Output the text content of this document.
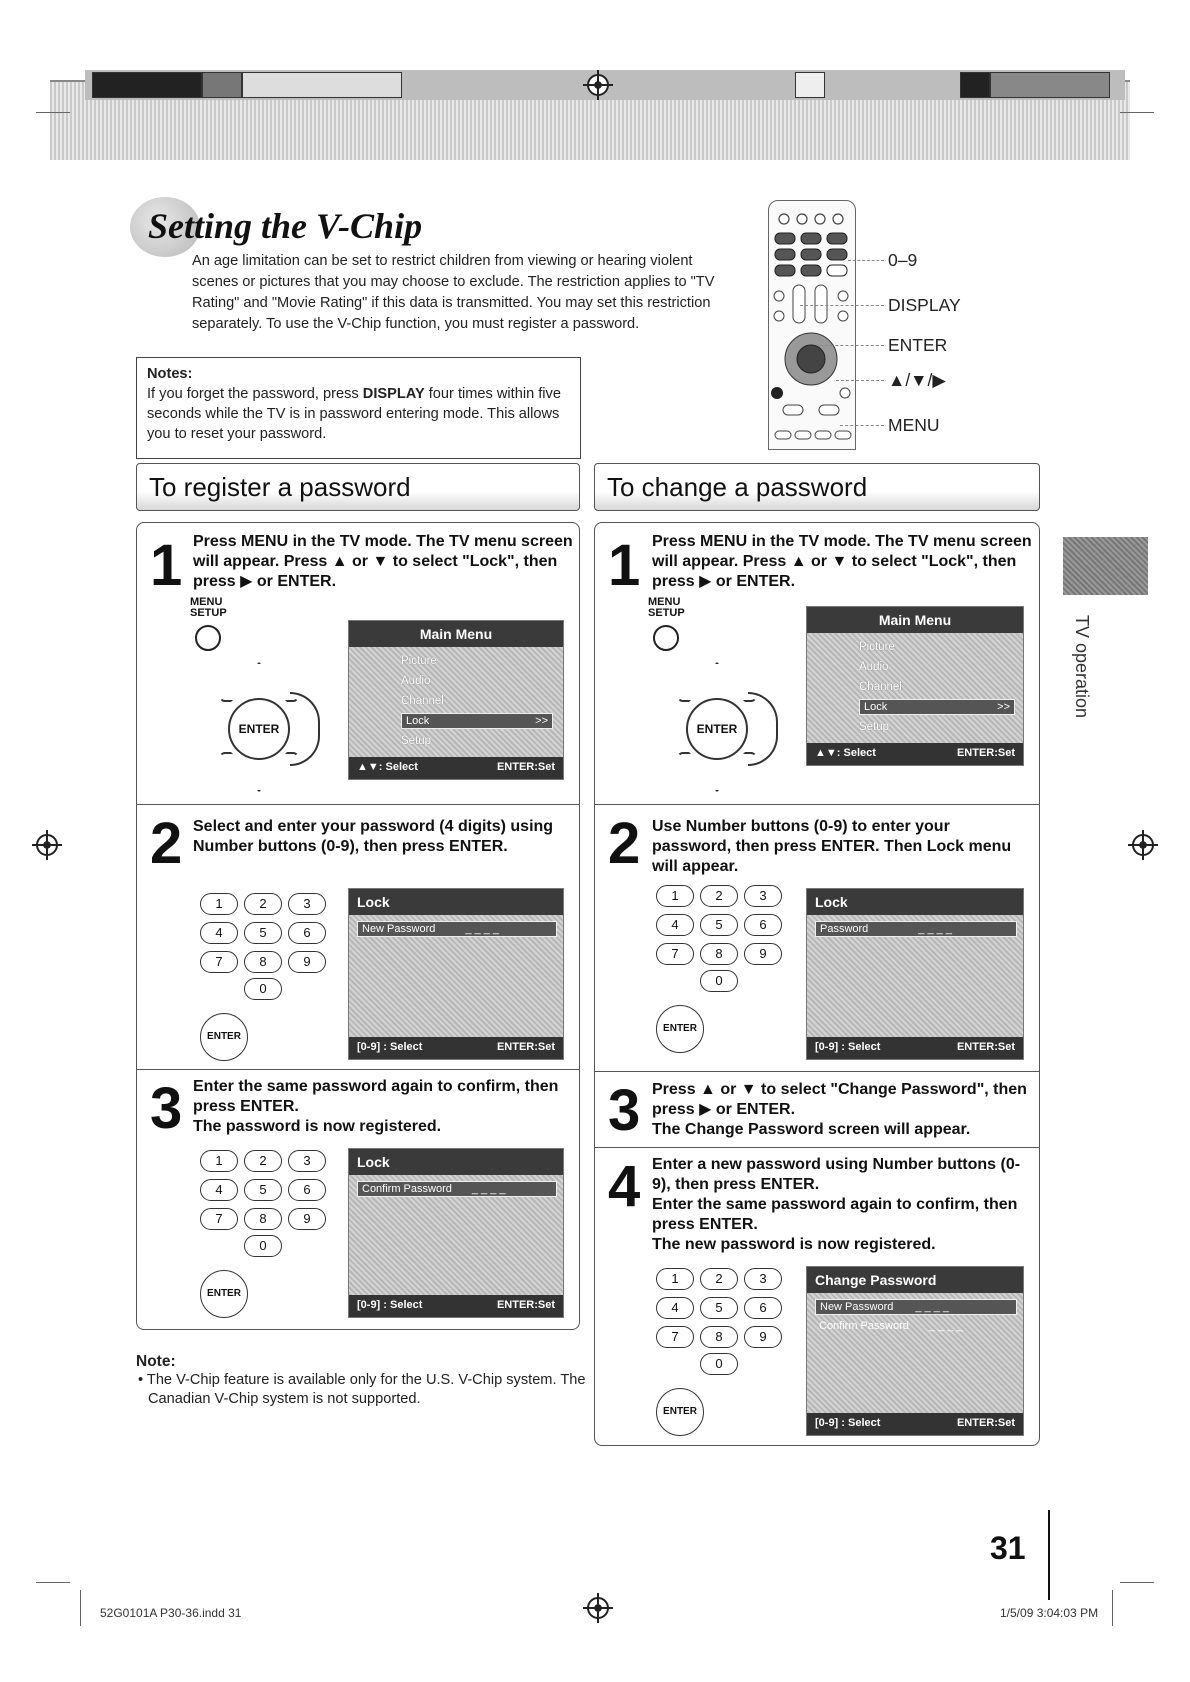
Setting the V-Chip
An age limitation can be set to restrict children from viewing or hearing violent scenes or pictures that you may choose to exclude. The restriction applies to "TV Rating" and "Movie Rating" if this data is transmitted. You may set this restriction separately. To use the V-Chip function, you must register a password.
Notes:
If you forget the password, press DISPLAY four times within five seconds while the TV is in password entering mode. This allows you to reset your password.
0–9
DISPLAY
ENTER
▲/▼/▶
MENU
To register a password	To change a password
1 Press MENU in the TV mode. The TV menu screen will appear. Press ▲ or ▼ to select "Lock", then press ▶ or ENTER.
MENU SETUP
ENTER
Main Menu
Picture
Audio
Channel
Lock	>>
Setup
▲▼: Select	ENTER:Set
2 Select and enter your password (4 digits) using Number buttons (0-9), then press ENTER.
1	2	3
4	5	6
7	8	9
0
ENTER
Lock
New Password	_ _ _ _
[0-9] : Select	ENTER:Set
3 Enter the same password again to confirm, then press ENTER.
The password is now registered.
1	2	3
4	5	6
7	8	9
0
ENTER
Lock
Confirm Password _ _ _ _
[0-9] : Select	ENTER:Set
1 Press MENU in the TV mode. The TV menu screen will appear. Press ▲ or ▼ to select "Lock", then press ▶ or ENTER.
MENU SETUP
ENTER
Main Menu
Picture
Audio
Channel
Lock	>>
Setup
▲▼: Select	ENTER:Set
2 Use Number buttons (0-9) to enter your password, then press ENTER. Then Lock menu will appear.
1	2	3
4	5	6
7	8	9
0
ENTER
Lock
Password	_ _ _ _
[0-9] : Select	ENTER:Set
3 Press ▲ or ▼ to select "Change Password", then press ▶ or ENTER.
The Change Password screen will appear.
4 Enter a new password using Number buttons (0-9), then press ENTER.
Enter the same password again to confirm, then press ENTER.
The new password is now registered.
1	2	3
4	5	6
7	8	9
0
ENTER
Change Password
New Password _ _ _ _
Confirm Password _ _ _ _
[0-9] : Select	ENTER:Set
Note:
• The V-Chip feature is available only for the U.S. V-Chip system. The Canadian V-Chip system is not supported.
TV operation
31
52G0101A P30-36.indd 31	1/5/09 3:04:03 PM
